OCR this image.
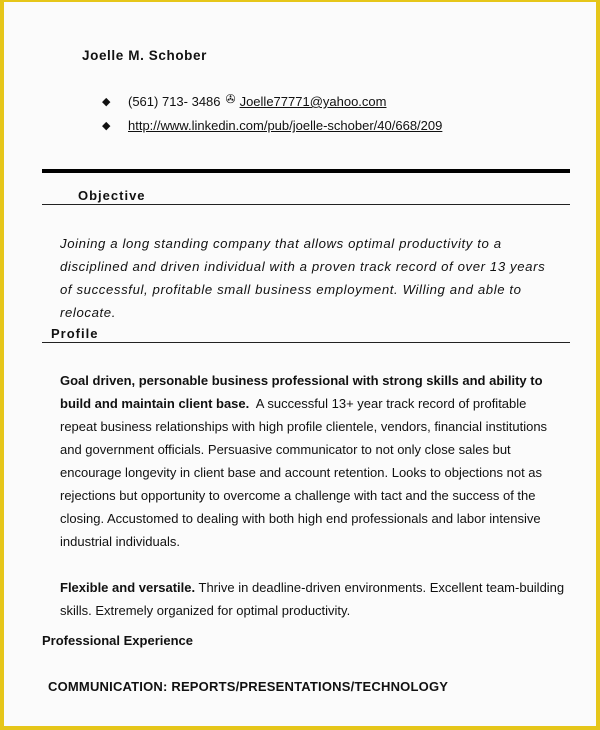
Joelle M. Schober
◆	(561) 713- 3486 ✇ Joelle77771@yahoo.com
◆	http://www.linkedin.com/pub/joelle-schober/40/668/209
Objective
Joining a long standing company that allows optimal productivity to a disciplined and driven individual with a proven track record of over 13 years of successful, profitable small business employment. Willing and able to relocate.
Profile
Goal driven, personable business professional with strong skills and ability to build and maintain client base. A successful 13+ year track record of profitable repeat business relationships with high profile clientele, vendors, financial institutions and government officials. Persuasive communicator to not only close sales but encourage longevity in client base and account retention. Looks to objections not as rejections but opportunity to overcome a challenge with tact and the success of the closing. Accustomed to dealing with both high end professionals and labor intensive industrial individuals.
Flexible and versatile. Thrive in deadline-driven environments. Excellent team-building skills. Extremely organized for optimal productivity.
Professional Experience
COMMUNICATION: REPORTS/PRESENTATIONS/TECHNOLOGY
